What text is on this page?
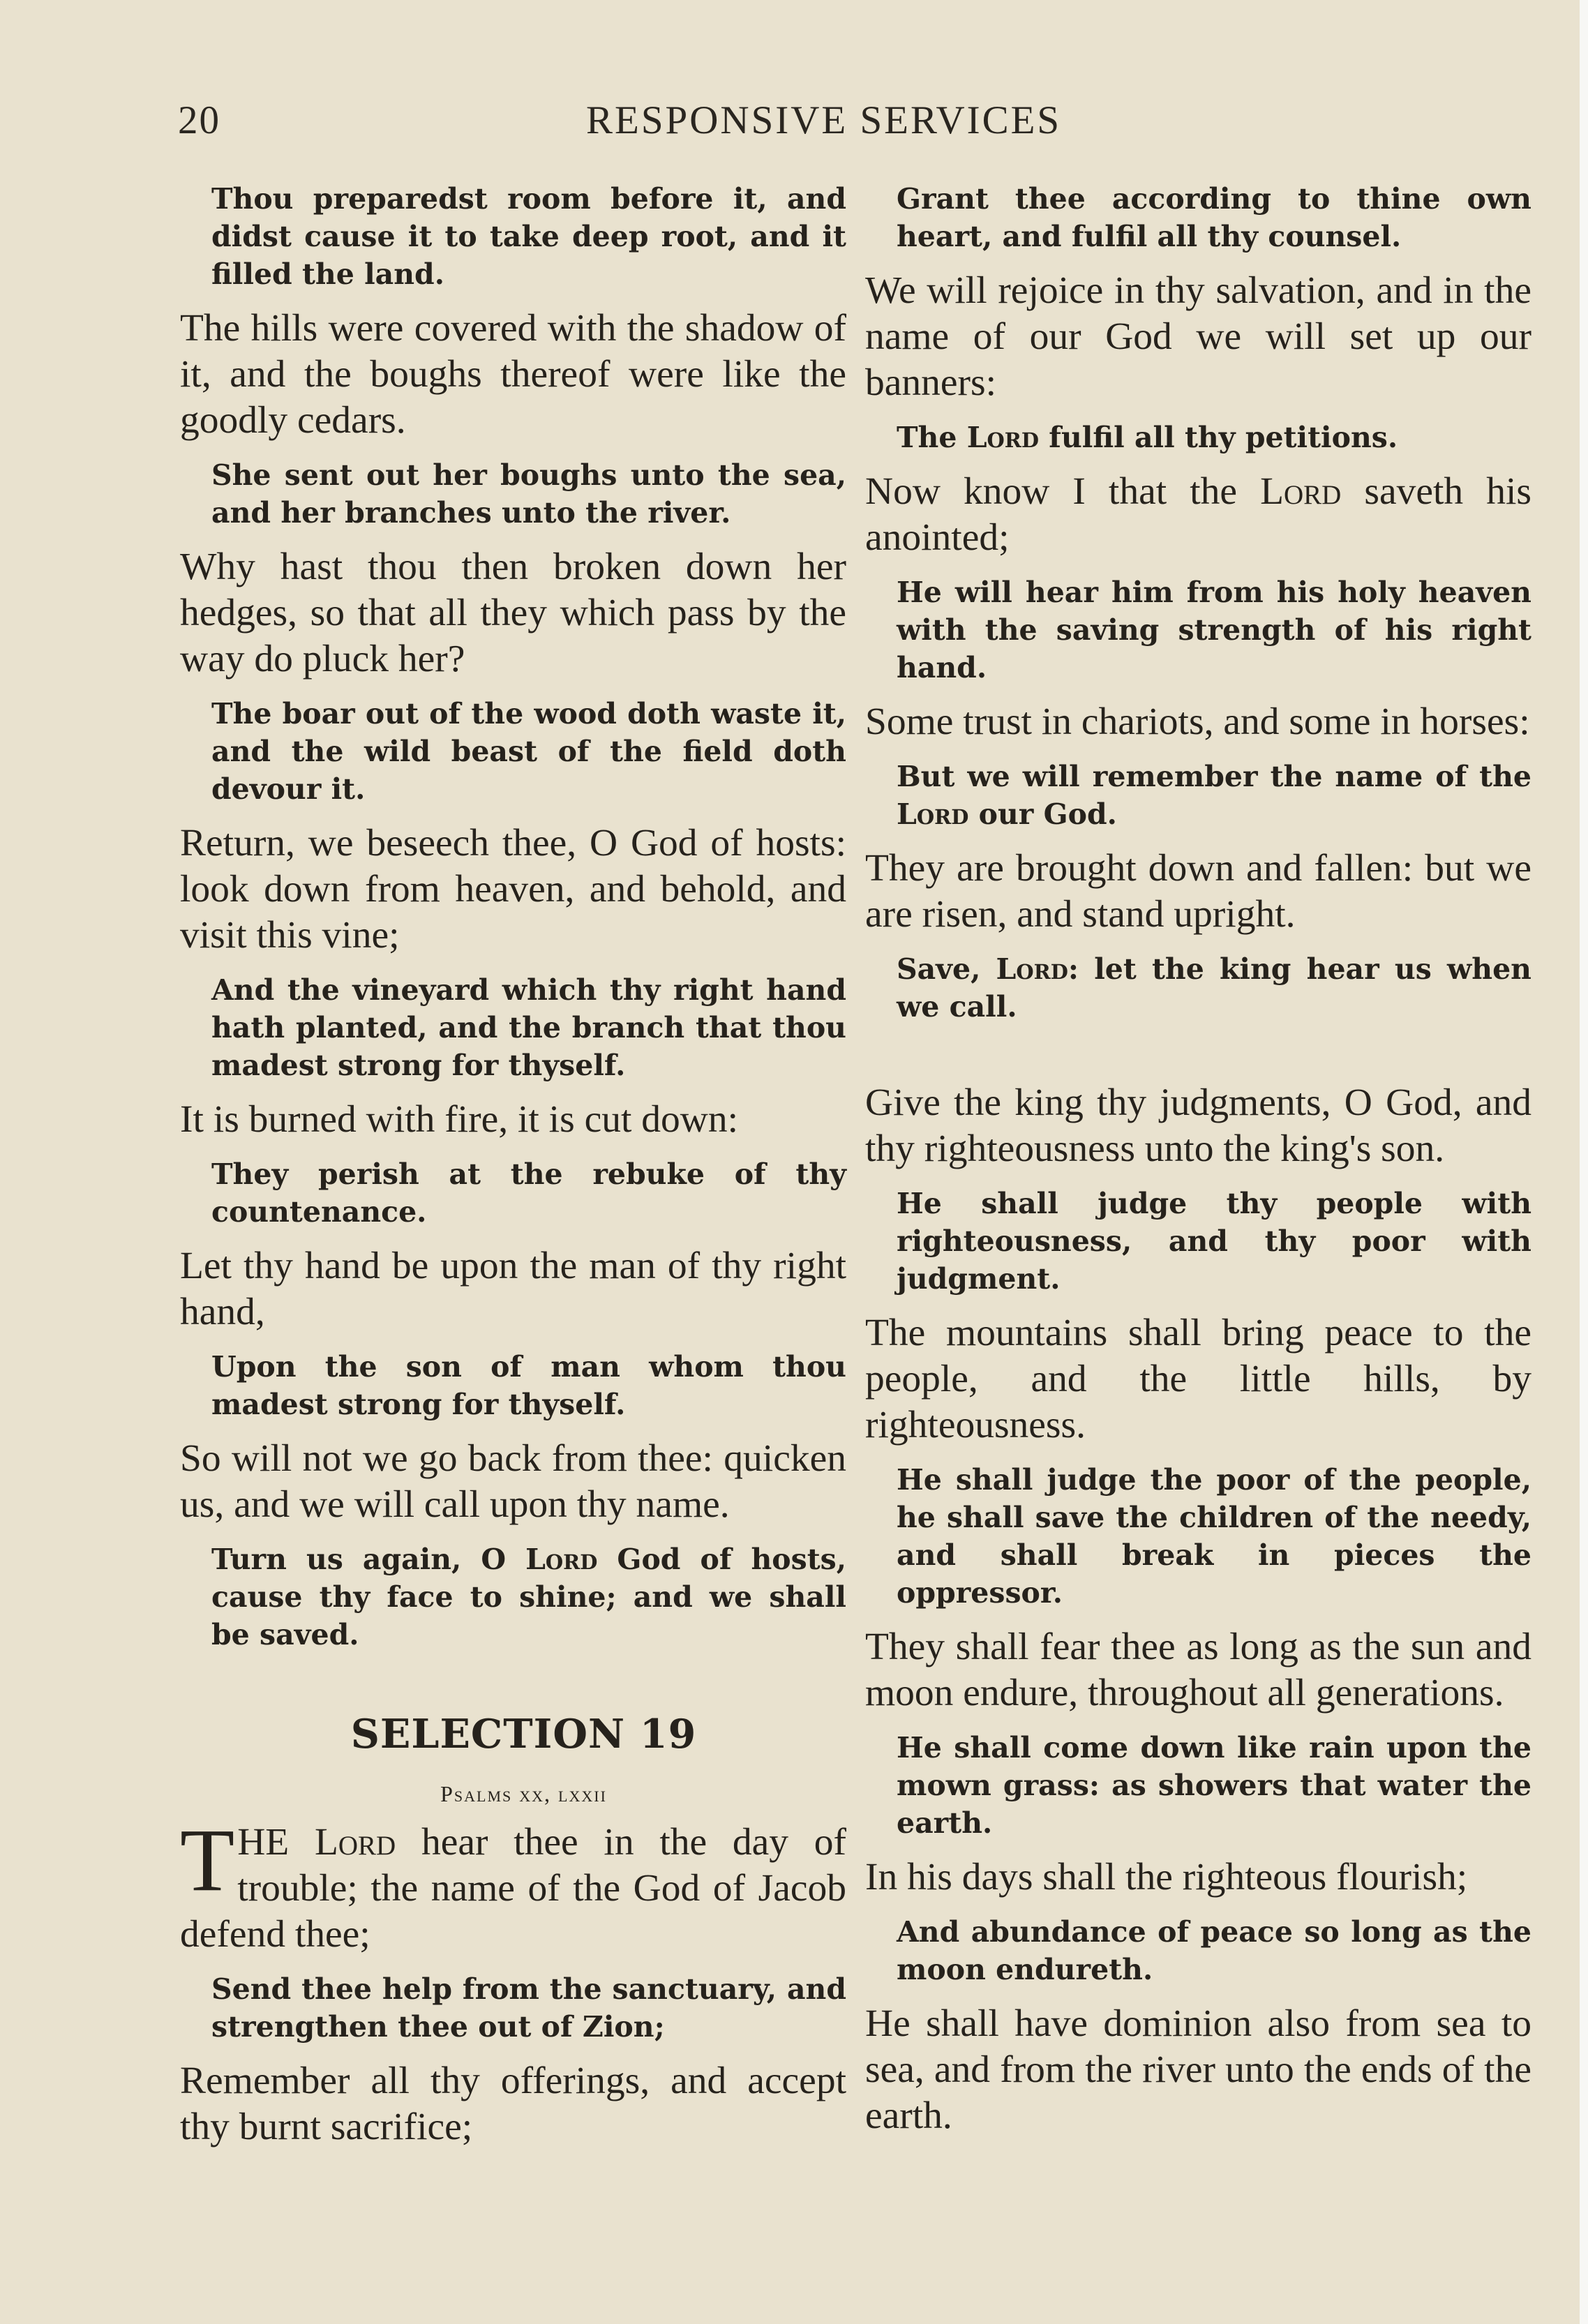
20	RESPONSIVE SERVICES

Thou preparedst room before it, and didst cause it to take deep root, and it filled the land.

The hills were covered with the shadow of it, and the boughs thereof were like the goodly cedars.

She sent out her boughs unto the sea, and her branches unto the river.

Why hast thou then broken down her hedges, so that all they which pass by the way do pluck her?

The boar out of the wood doth waste it, and the wild beast of the field doth devour it.

Return, we beseech thee, O God of hosts: look down from heaven, and behold, and visit this vine;

And the vineyard which thy right hand hath planted, and the branch that thou madest strong for thyself.

It is burned with fire, it is cut down:

They perish at the rebuke of thy countenance.

Let thy hand be upon the man of thy right hand,

Upon the son of man whom thou madest strong for thyself.

So will not we go back from thee: quicken us, and we will call upon thy name.

Turn us again, O Lord God of hosts, cause thy face to shine; and we shall be saved.

SELECTION 19
Psalms xx, lxxii

THE Lord hear thee in the day of trouble; the name of the God of Jacob defend thee;

Send thee help from the sanctuary, and strengthen thee out of Zion;

Remember all thy offerings, and accept thy burnt sacrifice;

Grant thee according to thine own heart, and fulfil all thy counsel.

We will rejoice in thy salvation, and in the name of our God we will set up our banners:

The Lord fulfil all thy petitions.

Now know I that the Lord saveth his anointed;

He will hear him from his holy heaven with the saving strength of his right hand.

Some trust in chariots, and some in horses:

But we will remember the name of the Lord our God.

They are brought down and fallen: but we are risen, and stand upright.

Save, Lord: let the king hear us when we call.

Give the king thy judgments, O God, and thy righteousness unto the king's son.

He shall judge thy people with righteousness, and thy poor with judgment.

The mountains shall bring peace to the people, and the little hills, by righteousness.

He shall judge the poor of the people, he shall save the children of the needy, and shall break in pieces the oppressor.

They shall fear thee as long as the sun and moon endure, throughout all generations.

He shall come down like rain upon the mown grass: as showers that water the earth.

In his days shall the righteous flourish;

And abundance of peace so long as the moon endureth.

He shall have dominion also from sea to sea, and from the river unto the ends of the earth.
